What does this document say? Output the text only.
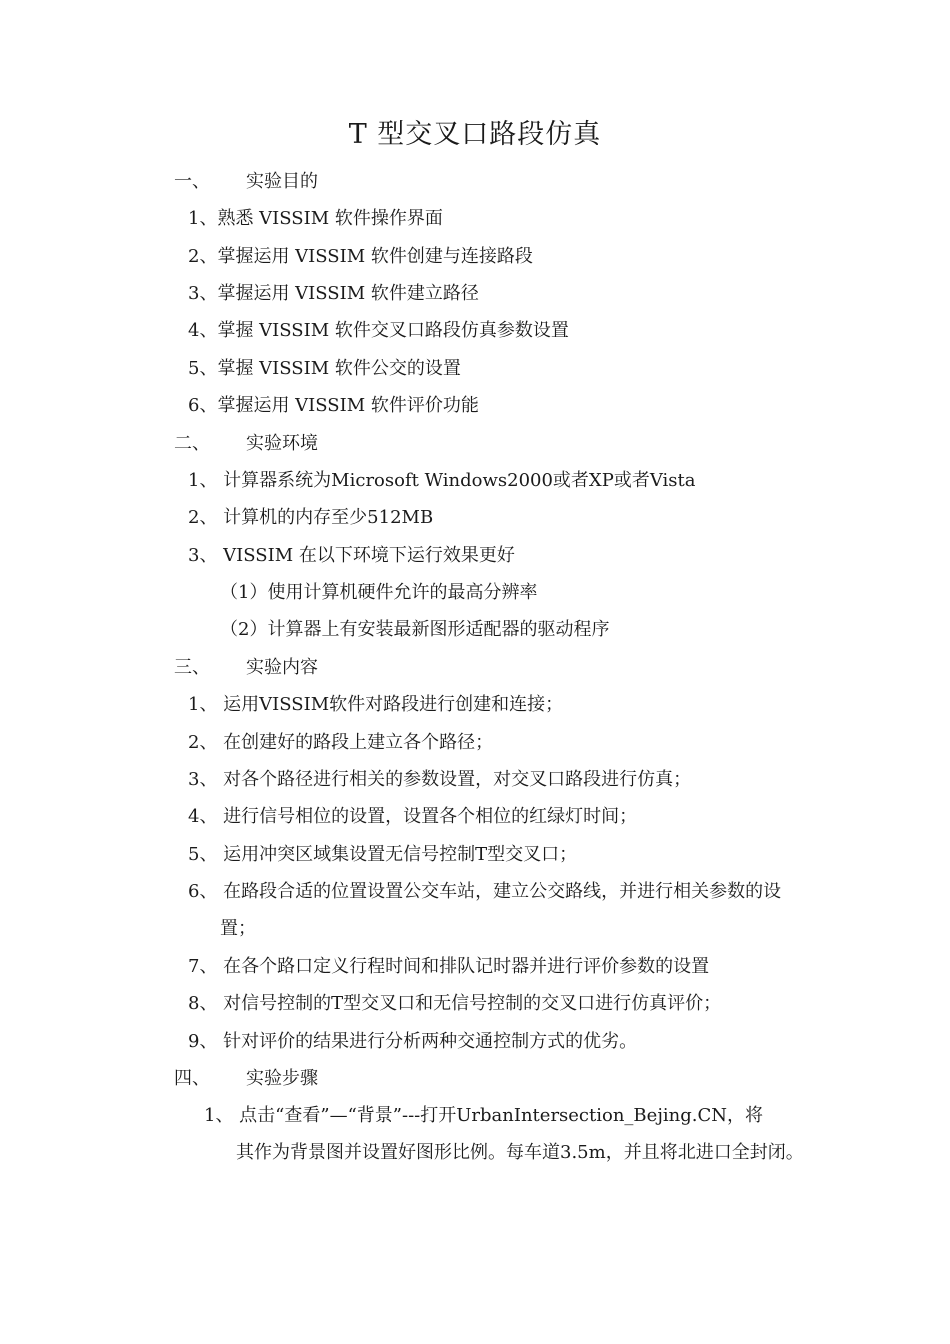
T 型交叉口路段仿真
一、 实验目的
1、熟悉 VISSIM 软件操作界面
2、掌握运用 VISSIM 软件创建与连接路段
3、掌握运用 VISSIM 软件建立路径
4、掌握 VISSIM 软件交叉口路段仿真参数设置
5、掌握 VISSIM 软件公交的设置
6、掌握运用 VISSIM 软件评价功能
二、 实验环境
1、 计算器系统为Microsoft Windows2000或者XP或者Vista
2、 计算机的内存至少512MB
3、 VISSIM 在以下环境下运行效果更好
（1）使用计算机硬件允许的最高分辨率
（2）计算器上有安装最新图形适配器的驱动程序
三、 实验内容
1、 运用VISSIM软件对路段进行创建和连接；
2、 在创建好的路段上建立各个路径；
3、 对各个路径进行相关的参数设置，对交叉口路段进行仿真；
4、 进行信号相位的设置，设置各个相位的红绿灯时间；
5、 运用冲突区域集设置无信号控制T型交叉口；
6、 在路段合适的位置设置公交车站，建立公交路线，并进行相关参数的设
置；
7、 在各个路口定义行程时间和排队记时器并进行评价参数的设置
8、 对信号控制的T型交叉口和无信号控制的交叉口进行仿真评价；
9、 针对评价的结果进行分析两种交通控制方式的优劣。
四、 实验步骤
1、 点击“查看”—“背景”---打开UrbanIntersection_Bejing.CN，将
其作为背景图并设置好图形比例。每车道3.5m，并且将北进口全封闭。
